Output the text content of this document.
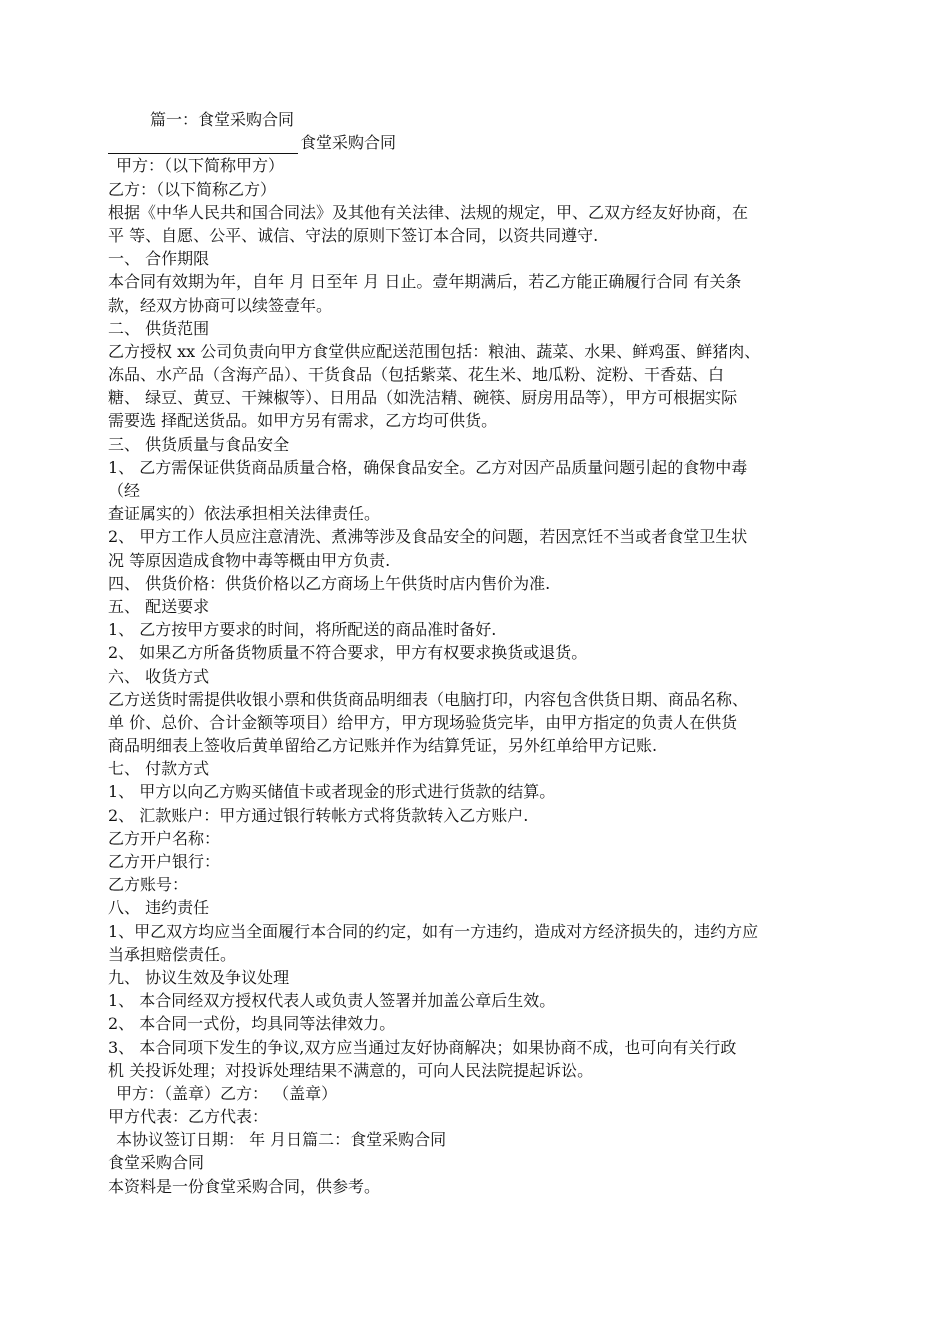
篇一：食堂采购合同
食堂采购合同
甲方：（以下简称甲方）
乙方：（以下简称乙方）
根据《中华人民共和国合同法》及其他有关法律、法规的规定，甲、乙双方经友好协商，在
平 等、自愿、公平、诚信、守法的原则下签订本合同，以资共同遵守.
一、 合作期限
本合同有效期为年，自年 月 日至年 月 日止。壹年期满后，若乙方能正确履行合同 有关条
款，经双方协商可以续签壹年。
二、 供货范围
乙方授权 xx 公司负责向甲方食堂供应配送范围包括：粮油、蔬菜、水果、鲜鸡蛋、鲜猪肉、
冻品、水产品（含海产品）、干货食品（包括紫菜、花生米、地瓜粉、淀粉、干香菇、白
糖、 绿豆、黄豆、干辣椒等）、日用品（如洗洁精、碗筷、厨房用品等），甲方可根据实际
需要选 择配送货品。如甲方另有需求，乙方均可供货。
三、 供货质量与食品安全
1、 乙方需保证供货商品质量合格，确保食品安全。乙方对因产品质量问题引起的食物中毒
（经
查证属实的）依法承担相关法律责任。
2、 甲方工作人员应注意清洗、煮沸等涉及食品安全的问题，若因烹饪不当或者食堂卫生状
况 等原因造成食物中毒等概由甲方负责.
四、 供货价格：供货价格以乙方商场上午供货时店内售价为准.
五、 配送要求
1、 乙方按甲方要求的时间，将所配送的商品准时备好.
2、 如果乙方所备货物质量不符合要求，甲方有权要求换货或退货。
六、 收货方式
乙方送货时需提供收银小票和供货商品明细表（电脑打印，内容包含供货日期、商品名称、
单 价、总价、合计金额等项目）给甲方，甲方现场验货完毕，由甲方指定的负责人在供货
商品明细表上签收后黄单留给乙方记账并作为结算凭证，另外红单给甲方记账.
七、 付款方式
1、 甲方以向乙方购买储值卡或者现金的形式进行货款的结算。
2、 汇款账户：甲方通过银行转帐方式将货款转入乙方账户.
乙方开户名称：
乙方开户银行：
乙方账号：
八、 违约责任
1、甲乙双方均应当全面履行本合同的约定，如有一方违约，造成对方经济损失的，违约方应
当承担赔偿责任。
九、 协议生效及争议处理
1、 本合同经双方授权代表人或负责人签署并加盖公章后生效。
2、 本合同一式份，均具同等法律效力。
3、 本合同项下发生的争议,双方应当通过友好协商解决；如果协商不成，也可向有关行政
机 关投诉处理；对投诉处理结果不满意的，可向人民法院提起诉讼。
甲方：（盖章）乙方： （盖章）
甲方代表：乙方代表：
本协议签订日期： 年 月日篇二：食堂采购合同
食堂采购合同
本资料是一份食堂采购合同，供参考。
